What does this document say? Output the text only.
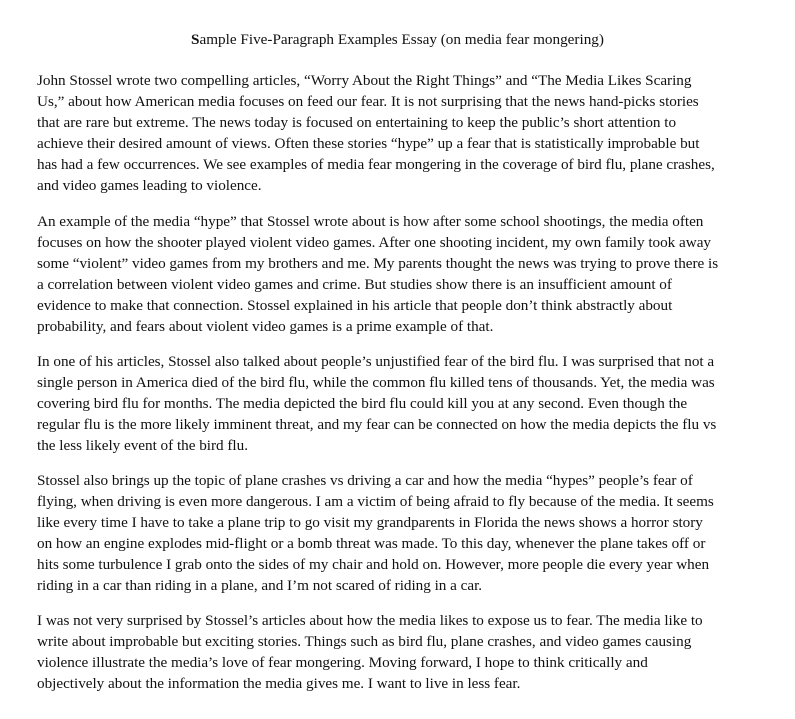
Sample Five-Paragraph Examples Essay (on media fear mongering)

John Stossel wrote two compelling articles, “Worry About the Right Things” and “The Media Likes Scaring
Us,” about how American media focuses on feed our fear. It is not surprising that the news hand-picks stories
that are rare but extreme. The news today is focused on entertaining to keep the public’s short attention to
achieve their desired amount of views. Often these stories “hype” up a fear that is statistically improbable but
has had a few occurrences. We see examples of media fear mongering in the coverage of bird flu, plane crashes,
and video games leading to violence.

An example of the media “hype” that Stossel wrote about is how after some school shootings, the media often
focuses on how the shooter played violent video games. After one shooting incident, my own family took away
some “violent” video games from my brothers and me. My parents thought the news was trying to prove there is
a correlation between violent video games and crime. But studies show there is an insufficient amount of
evidence to make that connection. Stossel explained in his article that people don’t think abstractly about
probability, and fears about violent video games is a prime example of that.

In one of his articles, Stossel also talked about people’s unjustified fear of the bird flu. I was surprised that not a
single person in America died of the bird flu, while the common flu killed tens of thousands. Yet, the media was
covering bird flu for months. The media depicted the bird flu could kill you at any second. Even though the
regular flu is the more likely imminent threat, and my fear can be connected on how the media depicts the flu vs
the less likely event of the bird flu.

Stossel also brings up the topic of plane crashes vs driving a car and how the media “hypes” people’s fear of
flying, when driving is even more dangerous. I am a victim of being afraid to fly because of the media. It seems
like every time I have to take a plane trip to go visit my grandparents in Florida the news shows a horror story
on how an engine explodes mid-flight or a bomb threat was made. To this day, whenever the plane takes off or
hits some turbulence I grab onto the sides of my chair and hold on. However, more people die every year when
riding in a car than riding in a plane, and I’m not scared of riding in a car.

I was not very surprised by Stossel’s articles about how the media likes to expose us to fear. The media like to
write about improbable but exciting stories. Things such as bird flu, plane crashes, and video games causing
violence illustrate the media’s love of fear mongering. Moving forward, I hope to think critically and
objectively about the information the media gives me. I want to live in less fear.
